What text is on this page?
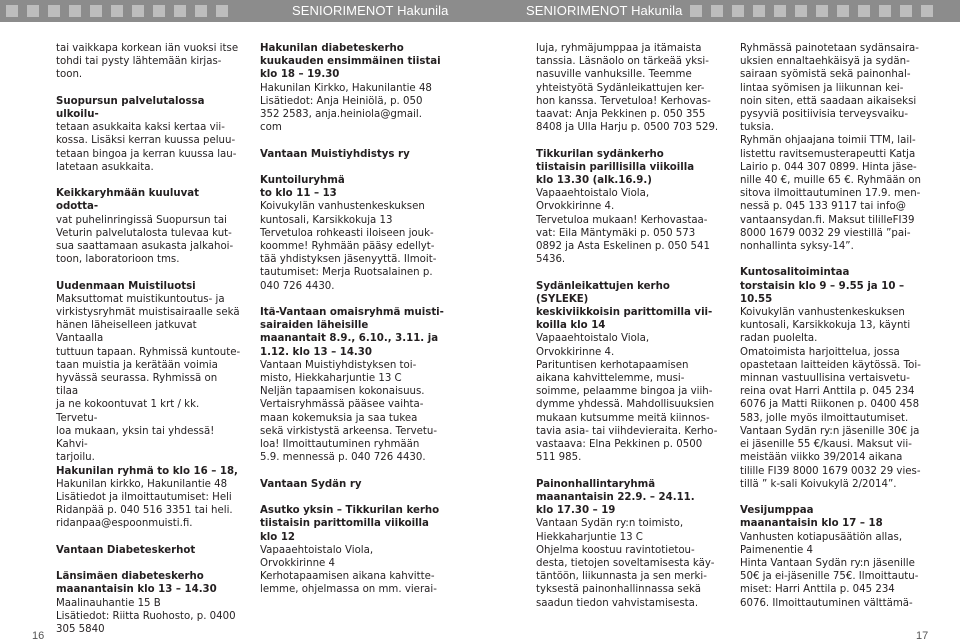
SENIORIMENOT Hakunila	SENIORIMENOT Hakunila

tai vaikkapa korkean iän vuoksi itse

tohdi tai pysty lähtemään kirjas-

toon.

Suopursun palvelutalossa ulkoilu-

tetaan asukkaita kaksi kertaa vii-

kossa. Lisäksi kerran kuussa peluu-

tetaan bingoa ja kerran kuussa lau-

latetaan asukkaita.

Keikkaryhmään kuuluvat odotta-

vat puhelinringissä Suopursun tai

Veturin palvelutalosta tulevaa kut-

sua saattamaan asukasta jalkahoi-

toon, laboratorioon tms.

Uudenmaan Muistiluotsi

Maksuttomat muistikuntoutus- ja

virkistysryhmät muistisairaalle sekä

hänen läheiselleen jatkuvat Vantaalla

tuttuun tapaan. Ryhmissä kuntoute-

taan muistia ja kerätään voimia

hyvässä seurassa. Ryhmissä on tilaa

ja ne kokoontuvat 1 krt / kk. Tervetu-

loa mukaan, yksin tai yhdessä! Kahvi-

tarjoilu.

Hakunilan ryhmä to klo 16 – 18,

Hakunilan kirkko, Hakunilantie 48

Lisätiedot ja ilmoittautumiset: Heli

Ridanpää p. 040 516 3351 tai heli.

ridanpaa@espoonmuisti.fi.

Vantaan Diabeteskerhot

Länsimäen diabeteskerho

maanantaisin klo 13 – 14.30

Maalinauhantie 15 B

Lisätiedot: Riitta Ruohosto, p. 0400

305 5840

Hakunilan diabeteskerho

kuukauden ensimmäinen tiistai

klo 18 – 19.30

Hakunilan Kirkko, Hakunilantie 48

Lisätiedot: Anja Heiniölä, p. 050

352 2583, anja.heiniola@gmail.

com

Vantaan Muistiyhdistys ry

Kuntoiluryhmä

to klo 11 – 13

Koivukylän vanhustenkeskuksen

kuntosali, Karsikkokuja 13

Tervetuloa rohkeasti iloiseen jouk-

koomme! Ryhmään pääsy edellyt-

tää yhdistyksen jäsenyyttä. Ilmoit-

tautumiset: Merja Ruotsalainen p.

040 726 4430.

Itä-Vantaan omaisryhmä muisti-

sairaiden läheisille

maanantait 8.9., 6.10., 3.11. ja

1.12. klo 13 – 14.30

Vantaan Muistiyhdistyksen toi-

misto, Hiekkaharjuntie 13 C

Neljän tapaamisen kokonaisuus.

Vertaisryhmässä pääsee vaihta-

maan kokemuksia ja saa tukea

sekä virkistystä arkeensa. Tervetu-

loa! Ilmoittautuminen ryhmään

5.9. mennessä p. 040 726 4430.

Vantaan Sydän ry

Asutko yksin – Tikkurilan kerho

tiistaisin parittomilla viikoilla

klo 12

Vapaaehtoistalo Viola,

Orvokkirinne 4

Kerhotapaamisen aikana kahvitte-

lemme, ohjelmassa on mm. vierai-

luja, ryhmäjumppaa ja itämaista

tanssia. Läsnäolo on tärkeää yksi-

nasuville vanhuksille. Teemme

yhteistyötä Sydänleikattujen ker-

hon kanssa. Tervetuloa! Kerhovas-

taavat: Anja Pekkinen p. 050 355

8408 ja Ulla Harju p. 0500 703 529.

Tikkurilan sydänkerho

tiistaisin parillisilla viikoilla

klo 13.30 (alk.16.9.)

Vapaaehtoistalo Viola,

Orvokkirinne 4.

Tervetuloa mukaan! Kerhovastaa-

vat: Eila Mäntymäki p. 050 573

0892 ja Asta Eskelinen p. 050 541

5436.

Sydänleikattujen kerho (SYLEKE)

keskiviikkoisin parittomilla vii-

koilla klo 14

Vapaaehtoistalo Viola,

Orvokkirinne 4.

Parituntisen kerhotapaamisen

aikana kahvittelemme, musi-

soimme, pelaamme bingoa ja viih-

dymme yhdessä. Mahdollisuuksien

mukaan kutsumme meitä kiinnos-

tavia asia- tai viihdevieraita. Kerho-

vastaava: Elna Pekkinen p. 0500

511 985.

Painonhallintaryhmä

maanantaisin 22.9. – 24.11.

klo 17.30 – 19

Vantaan Sydän ry:n toimisto,

Hiekkaharjuntie 13 C

Ohjelma koostuu ravintotietou-

desta, tietojen soveltamisesta käy-

täntöön, liikunnasta ja sen merki-

tyksestä painonhallinnassa sekä

saadun tiedon vahvistamisesta.

Ryhmässä painotetaan sydänsaira-

uksien ennaltaehkäisyä ja sydän-

sairaan syömistä sekä painonhal-

lintaa syömisen ja liikunnan kei-

noin siten, että saadaan aikaiseksi

pysyviä positiivisia terveysvaiku-

tuksia.

Ryhmän ohjaajana toimii TTM, lail-

listettu ravitsemusterapeutti Katja

Lairio p. 044 307 0899. Hinta jäse-

nille 40 €, muille 65 €. Ryhmään on

sitova ilmoittautuminen 17.9. men-

nessä p. 045 133 9117 tai info@

vantaansydan.fi. Maksut tililleFI39

8000 1679 0032 29 viestillä ”pai-

nonhallinta syksy-14”.

Kuntosalitoimintaa

torstaisin klo 9 – 9.55 ja 10 – 10.55

Koivukylän vanhustenkeskuksen

kuntosali, Karsikkokuja 13, käynti

radan puolelta.

Omatoimista harjoittelua, jossa

opastetaan laitteiden käytössä. Toi-

minnan vastuullisina vertaisvetu-

reina ovat Harri Anttila p. 045 234

6076 ja Matti Riikonen p. 0400 458

583, jolle myös ilmoittautumiset.

Vantaan Sydän ry:n jäsenille 30€ ja

ei jäsenille 55 €/kausi. Maksut vii-

meistään viikko 39/2014 aikana

tilille FI39 8000 1679 0032 29 vies-

tillä ” k-sali Koivukylä 2/2014”.

Vesijumppaa

maanantaisin klo 17 – 18

Vanhusten kotiapusäätiön allas,

Paimenentie 4

Hinta Vantaan Sydän ry:n jäsenille

50€ ja ei-jäsenille 75€. Ilmoittautu-

miset: Harri Anttila p. 045 234

6076. Ilmoittautuminen välttämä-

16	17
